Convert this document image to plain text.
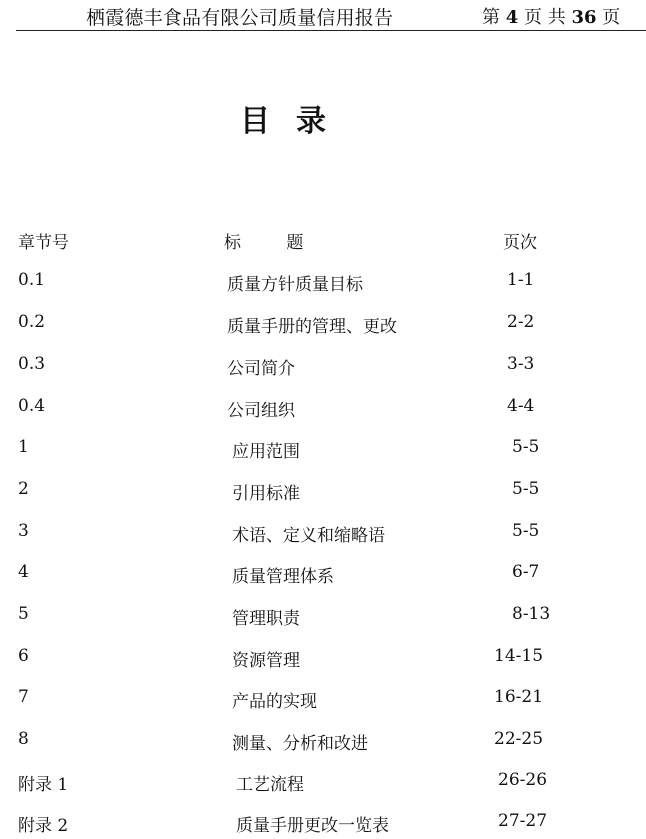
栖霞德丰食品有限公司质量信用报告	第 4 页 共 36 页
目录
章节号	标 题	页次
0.1	质量方针质量目标	1-1
0.2	质量手册的管理、更改	2-2
0.3	公司简介	3-3
0.4	公司组织	4-4
1	应用范围	5-5
2	引用标准	5-5
3	术语、定义和缩略语	5-5
4	质量管理体系	6-7
5	管理职责	8-13
6	资源管理	14-15
7	产品的实现	16-21
8	测量、分析和改进	22-25
附录 1	工艺流程	26-26
附录 2	质量手册更改一览表	27-27
